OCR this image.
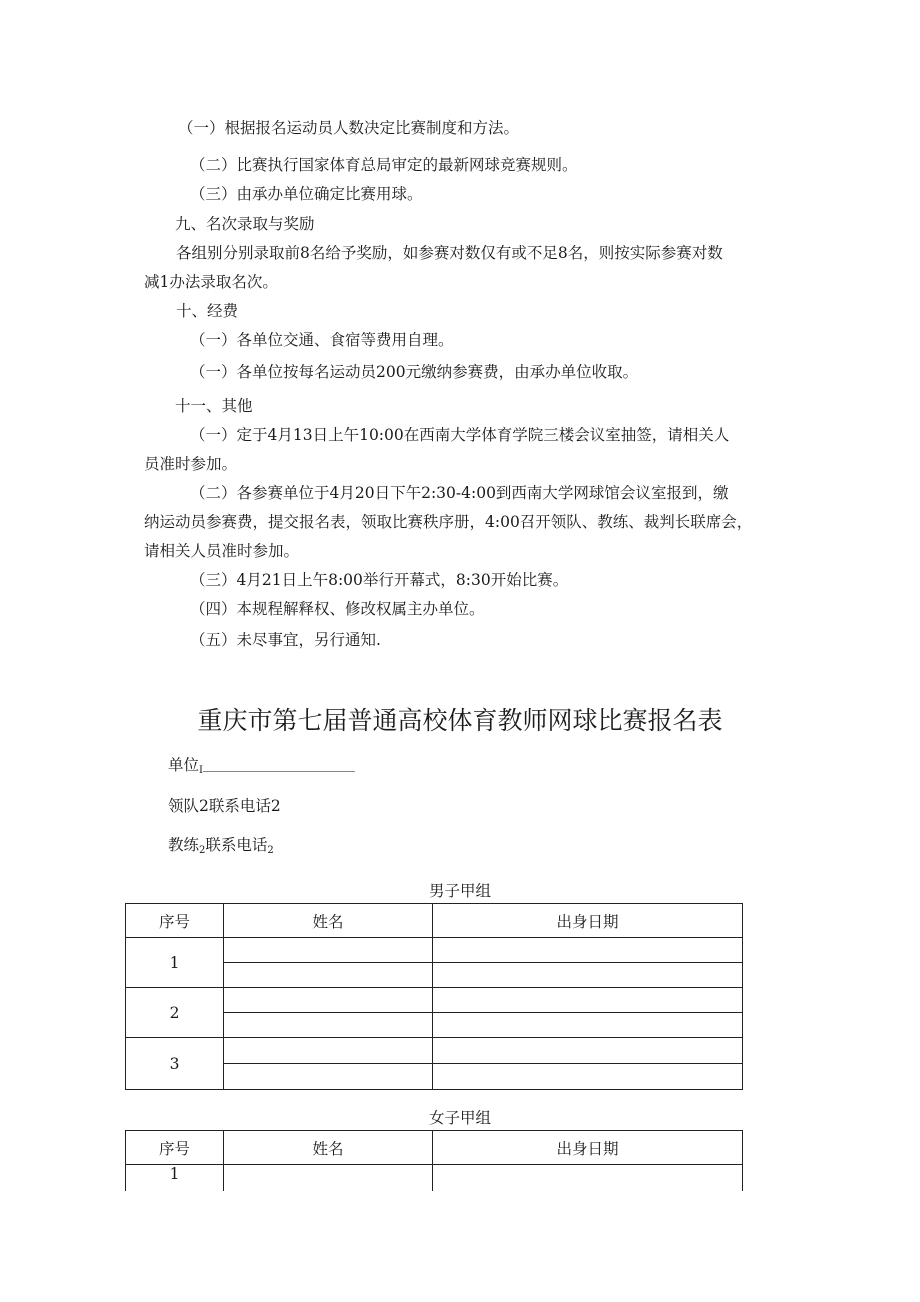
（一）根据报名运动员人数决定比赛制度和方法。
（二）比赛执行国家体育总局审定的最新网球竞赛规则。
（三）由承办单位确定比赛用球。
九、名次录取与奖励
各组别分别录取前8名给予奖励，如参赛对数仅有或不足8名，则按实际参赛对数
减1办法录取名次。
十、经费
（一）各单位交通、食宿等费用自理。
（一）各单位按每名运动员200元缴纳参赛费，由承办单位收取。
十一、其他
（一）定于4月13日上午10:00在西南大学体育学院三楼会议室抽签，请相关人
员准时参加。
（二）各参赛单位于4月20日下午2:30-4:00到西南大学网球馆会议室报到，缴
纳运动员参赛费，提交报名表，领取比赛秩序册，4:00召开领队、教练、裁判长联席会，
请相关人员准时参加。
（三）4月21日上午8:00举行开幕式，8:30开始比赛。
（四）本规程解释权、修改权属主办单位。
（五）未尽事宜，另行通知.
重庆市第七届普通高校体育教师网球比赛报名表
单位$_I$
领队2联系电话2
教练$_2$联系电话$_2$
男子甲组
序号	姓名	出身日期
1		

2		

3		

女子甲组
序号	姓名	出身日期
1		
